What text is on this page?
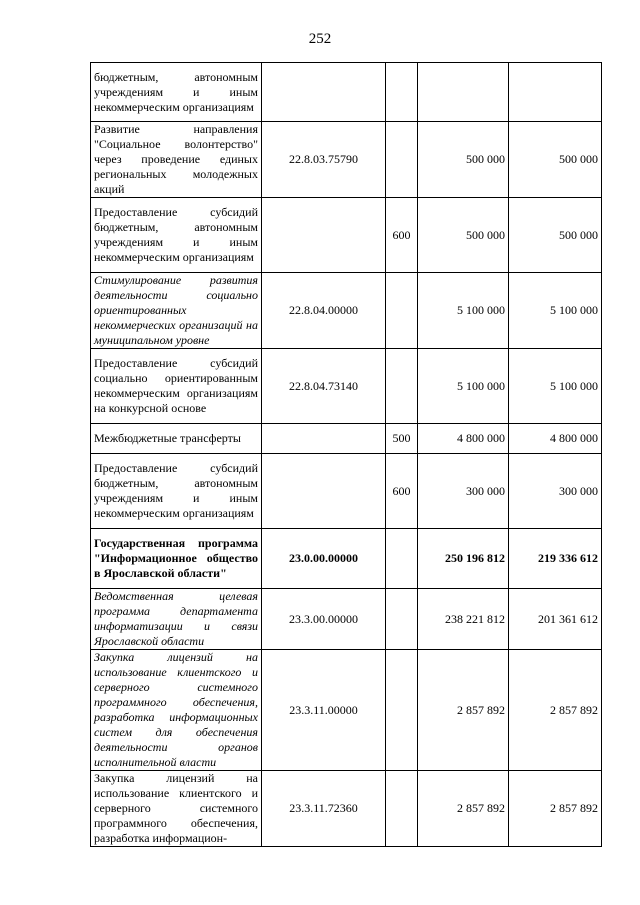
252
бюджетным, автономным учреждениям и иным некоммерческим организациям				
Развитие направления "Социальное волонтерство" через проведение единых региональных молодежных акций	22.8.03.75790		500 000	500 000
Предоставление субсидий бюджетным, автономным учреждениям и иным некоммерческим организациям		600	500 000	500 000
Стимулирование развития деятельности социально ориентированных некоммерческих организаций на муниципальном уровне	22.8.04.00000		5 100 000	5 100 000
Предоставление субсидий социально ориентированным некоммерческим организациям на конкурсной основе	22.8.04.73140		5 100 000	5 100 000
Межбюджетные трансферты		500	4 800 000	4 800 000
Предоставление субсидий бюджетным, автономным учреждениям и иным некоммерческим организациям		600	300 000	300 000
Государственная программа "Информационное общество в Ярославской области"	23.0.00.00000		250 196 812	219 336 612
Ведомственная целевая программа департамента информатизации и связи Ярославской области	23.3.00.00000		238 221 812	201 361 612
Закупка лицензий на использование клиентского и серверного системного программного обеспечения, разработка информационных систем для обеспечения деятельности органов исполнительной власти	23.3.11.00000		2 857 892	2 857 892
Закупка лицензий на использование клиентского и серверного системного программного обеспечения, разработка информацион-	23.3.11.72360		2 857 892	2 857 892
